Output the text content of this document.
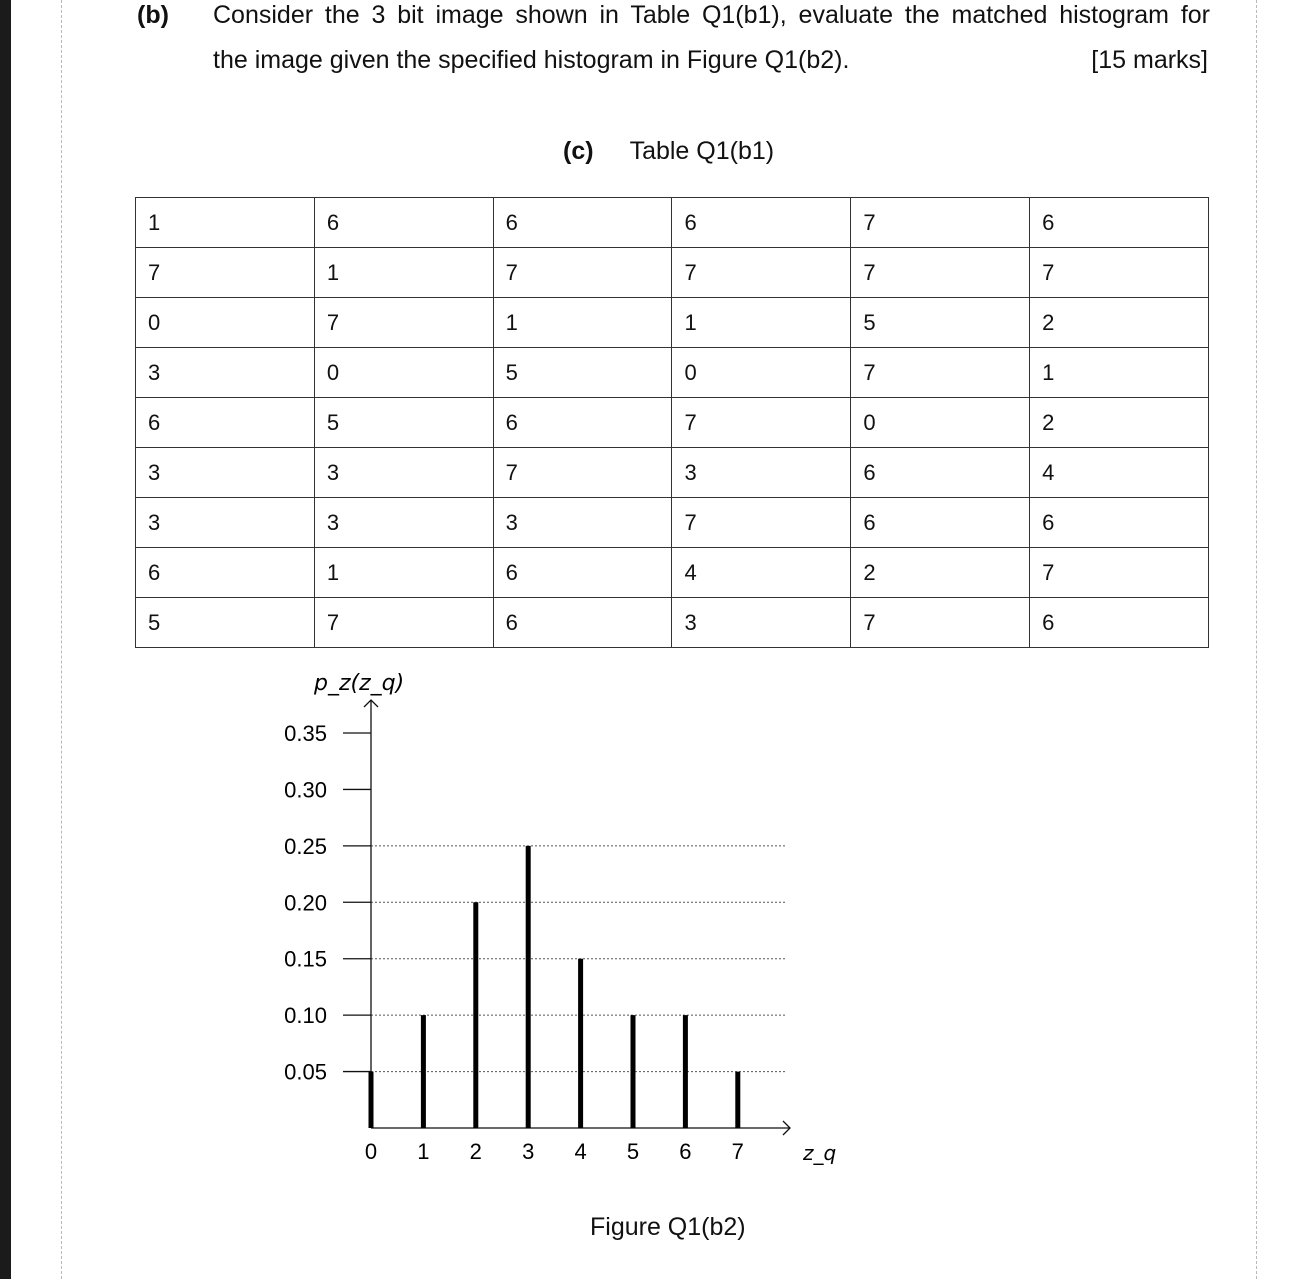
(b) Consider the 3 bit image shown in Table Q1(b1), evaluate the matched histogram for
the image given the specified histogram in Figure Q1(b2).	[15 marks]
(c) Table Q1(b1)
1	6	6	6	7	6
7	1	7	7	7	7
0	7	1	1	5	2
3	0	5	0	7	1
6	5	6	7	0	2
3	3	7	3	6	4
3	3	3	7	6	6
6	1	6	4	2	7
5	7	6	3	7	6
0.05
0.10
0.15
0.20
0.25
0.30
0.35
0 1 2 3 4 5 6 7
p_z(z_q)
z_q
Figure Q1(b2)
